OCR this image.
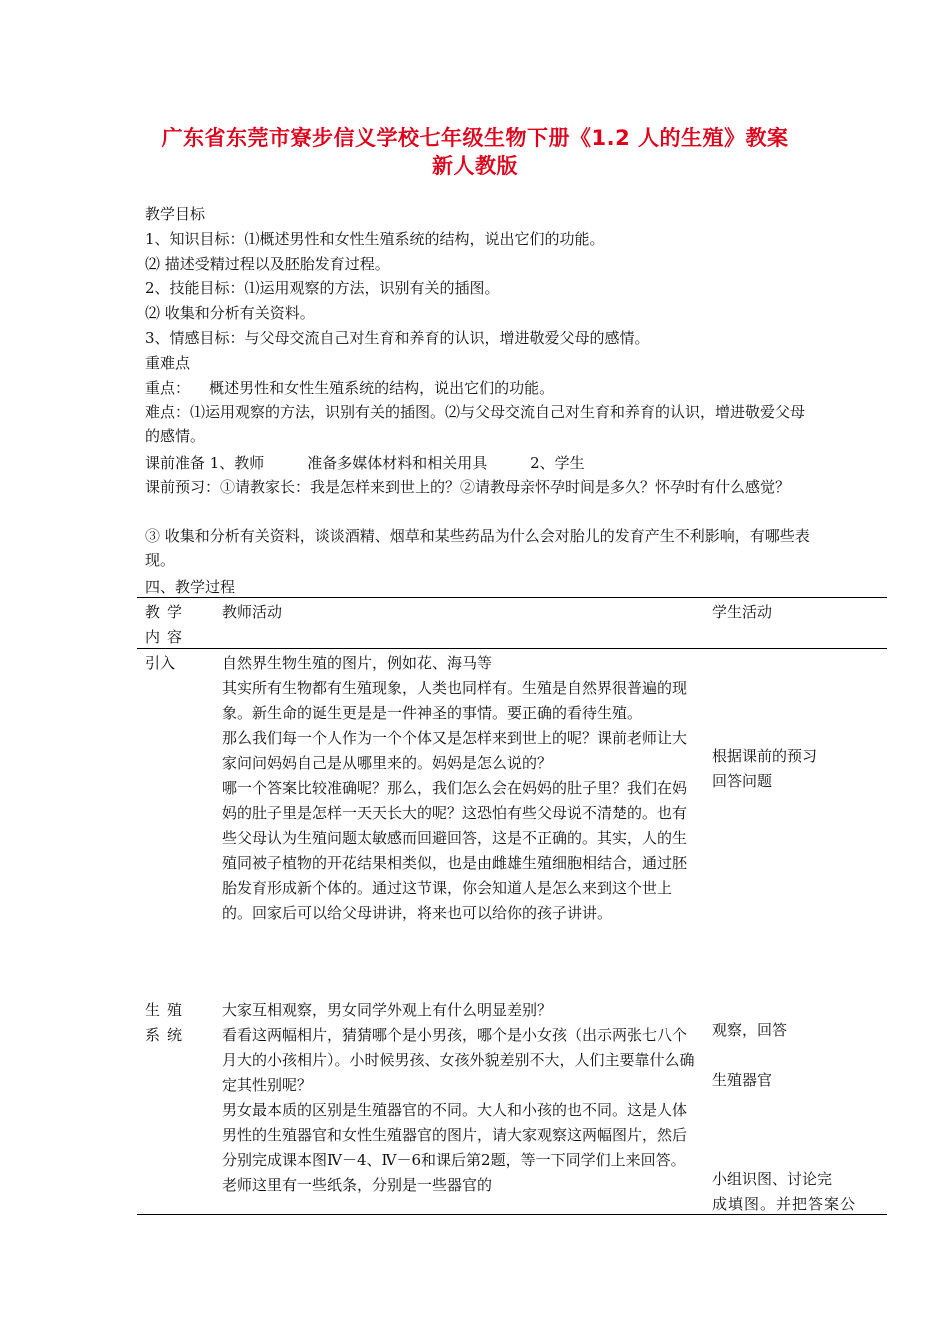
广东省东莞市寮步信义学校七年级生物下册《1.2 人的生殖》教案
新人教版
教学目标
1、知识目标：⑴概述男性和女性生殖系统的结构，说出它们的功能。
⑵ 描述受精过程以及胚胎发育过程。
2、技能目标：⑴运用观察的方法，识别有关的插图。
⑵ 收集和分析有关资料。
3、情感目标：与父母交流自己对生育和养育的认识，增进敬爱父母的感情。
重难点
重点：    概述男性和女性生殖系统的结构，说出它们的功能。
难点：⑴运用观察的方法，识别有关的插图。⑵与父母交流自己对生育和养育的认识，增进敬爱父母的感情。
课前准备 1、教师         准备多媒体材料和相关用具         2、学生
课前预习：①请教家长：我是怎样来到世上的？②请教母亲怀孕时间是多久？怀孕时有什么感觉？
③ 收集和分析有关资料，谈谈酒精、烟草和某些药品为什么会对胎儿的发育产生不利影响，有哪些表现。
四、教学过程
教学内容
教师活动	学生活动
引入	自然界生物生殖的图片，例如花、海马等
其实所有生物都有生殖现象，人类也同样有。生殖是自然界很普遍的现象。新生命的诞生更是是一件神圣的事情。要正确的看待生殖。
那么我们每一个人作为一个个体又是怎样来到世上的呢？课前老师让大家问问妈妈自己是从哪里来的。妈妈是怎么说的？
哪一个答案比较准确呢？那么，我们怎么会在妈妈的肚子里？我们在妈妈的肚子里是怎样一天天长大的呢？这恐怕有些父母说不清楚的。也有些父母认为生殖问题太敏感而回避回答，这是不正确的。其实，人的生殖同被子植物的开花结果相类似，也是由雌雄生殖细胞相结合，通过胚胎发育形成新个体的。通过这节课，你会知道人是怎么来到这个世上的。回家后可以给父母讲讲，将来也可以给你的孩子讲讲。
根据课前的预习
回答问题
生殖系统
大家互相观察，男女同学外观上有什么明显差别？
看看这两幅相片，猜猜哪个是小男孩，哪个是小女孩（出示两张七八个月大的小孩相片）。小时候男孩、女孩外貌差别不大，人们主要靠什么确定其性别呢？
男女最本质的区别是生殖器官的不同。大人和小孩的也不同。这是人体男性的生殖器官和女性生殖器官的图片，请大家观察这两幅图片，然后分别完成课本图Ⅳ－4、Ⅳ－6和课后第2题，等一下同学们上来回答。老师这里有一些纸条，分别是一些器官的
观察，回答
生殖器官
小组识图、讨论完
成填图。并把答案公
